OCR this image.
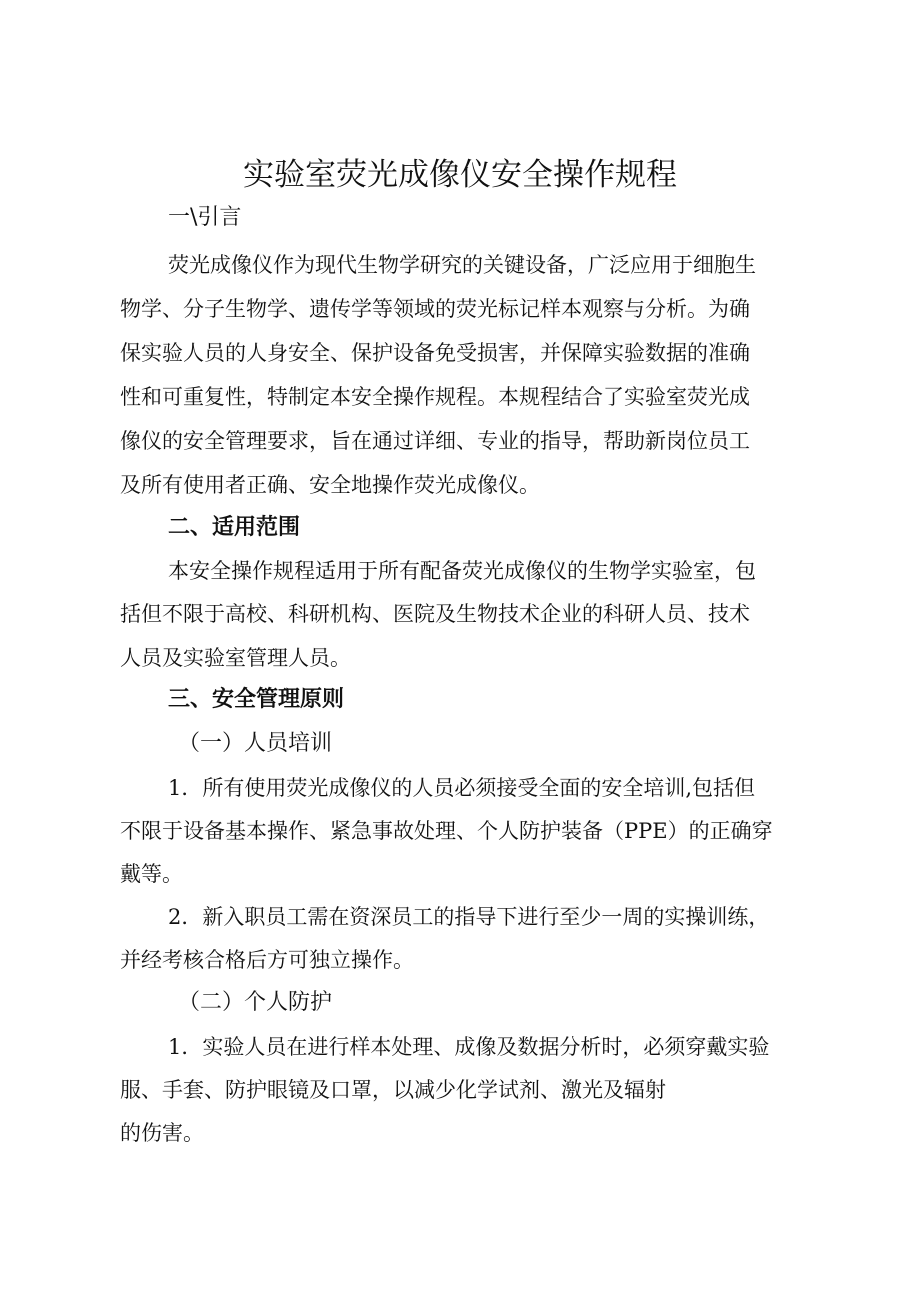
实验室荧光成像仪安全操作规程
一\引言
荧光成像仪作为现代生物学研究的关键设备，广泛应用于细胞生
物学、分子生物学、遗传学等领域的荧光标记样本观察与分析。为确
保实验人员的人身安全、保护设备免受损害，并保障实验数据的准确
性和可重复性，特制定本安全操作规程。本规程结合了实验室荧光成
像仪的安全管理要求，旨在通过详细、专业的指导，帮助新岗位员工
及所有使用者正确、安全地操作荧光成像仪。
二、适用范围
本安全操作规程适用于所有配备荧光成像仪的生物学实验室，包
括但不限于高校、科研机构、医院及生物技术企业的科研人员、技术
人员及实验室管理人员。
三、安全管理原则
（一）人员培训
1．所有使用荧光成像仪的人员必须接受全面的安全培训,包括但
不限于设备基本操作、紧急事故处理、个人防护装备（PPE）的正确穿
戴等。
2．新入职员工需在资深员工的指导下进行至少一周的实操训练，
并经考核合格后方可独立操作。
（二）个人防护
1．实验人员在进行样本处理、成像及数据分析时，必须穿戴实验
服、手套、防护眼镜及口罩，以减少化学试剂、激光及辐射
的伤害。
